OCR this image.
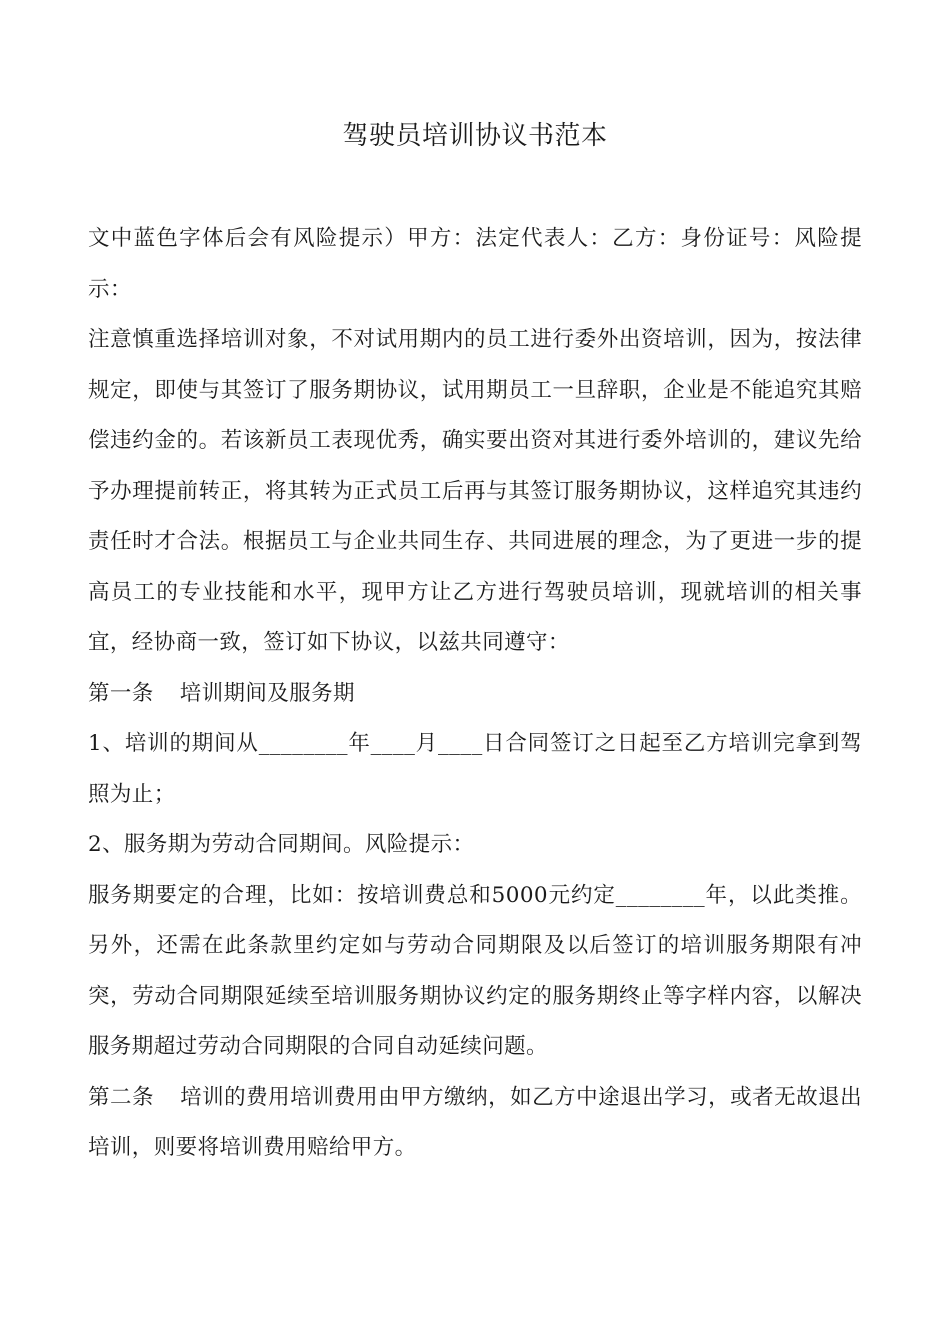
驾驶员培训协议书范本

文中蓝色字体后会有风险提示）甲方：法定代表人：乙方：身份证号：风险提示：

注意慎重选择培训对象，不对试用期内的员工进行委外出资培训，因为，按法律规定，即使与其签订了服务期协议，试用期员工一旦辞职，企业是不能追究其赔偿违约金的。若该新员工表现优秀，确实要出资对其进行委外培训的，建议先给予办理提前转正，将其转为正式员工后再与其签订服务期协议，这样追究其违约责任时才合法。根据员工与企业共同生存、共同进展的理念，为了更进一步的提高员工的专业技能和水平，现甲方让乙方进行驾驶员培训，现就培训的相关事宜，经协商一致，签订如下协议，以兹共同遵守：

第一条 培训期间及服务期

1、培训的期间从________年____月____日合同签订之日起至乙方培训完拿到驾照为止；

2、服务期为劳动合同期间。风险提示：

服务期要定的合理，比如：按培训费总和5000元约定________年，以此类推。另外，还需在此条款里约定如与劳动合同期限及以后签订的培训服务期限有冲突，劳动合同期限延续至培训服务期协议约定的服务期终止等字样内容，以解决服务期超过劳动合同期限的合同自动延续问题。

第二条 培训的费用培训费用由甲方缴纳，如乙方中途退出学习，或者无故退出培训，则要将培训费用赔给甲方。
